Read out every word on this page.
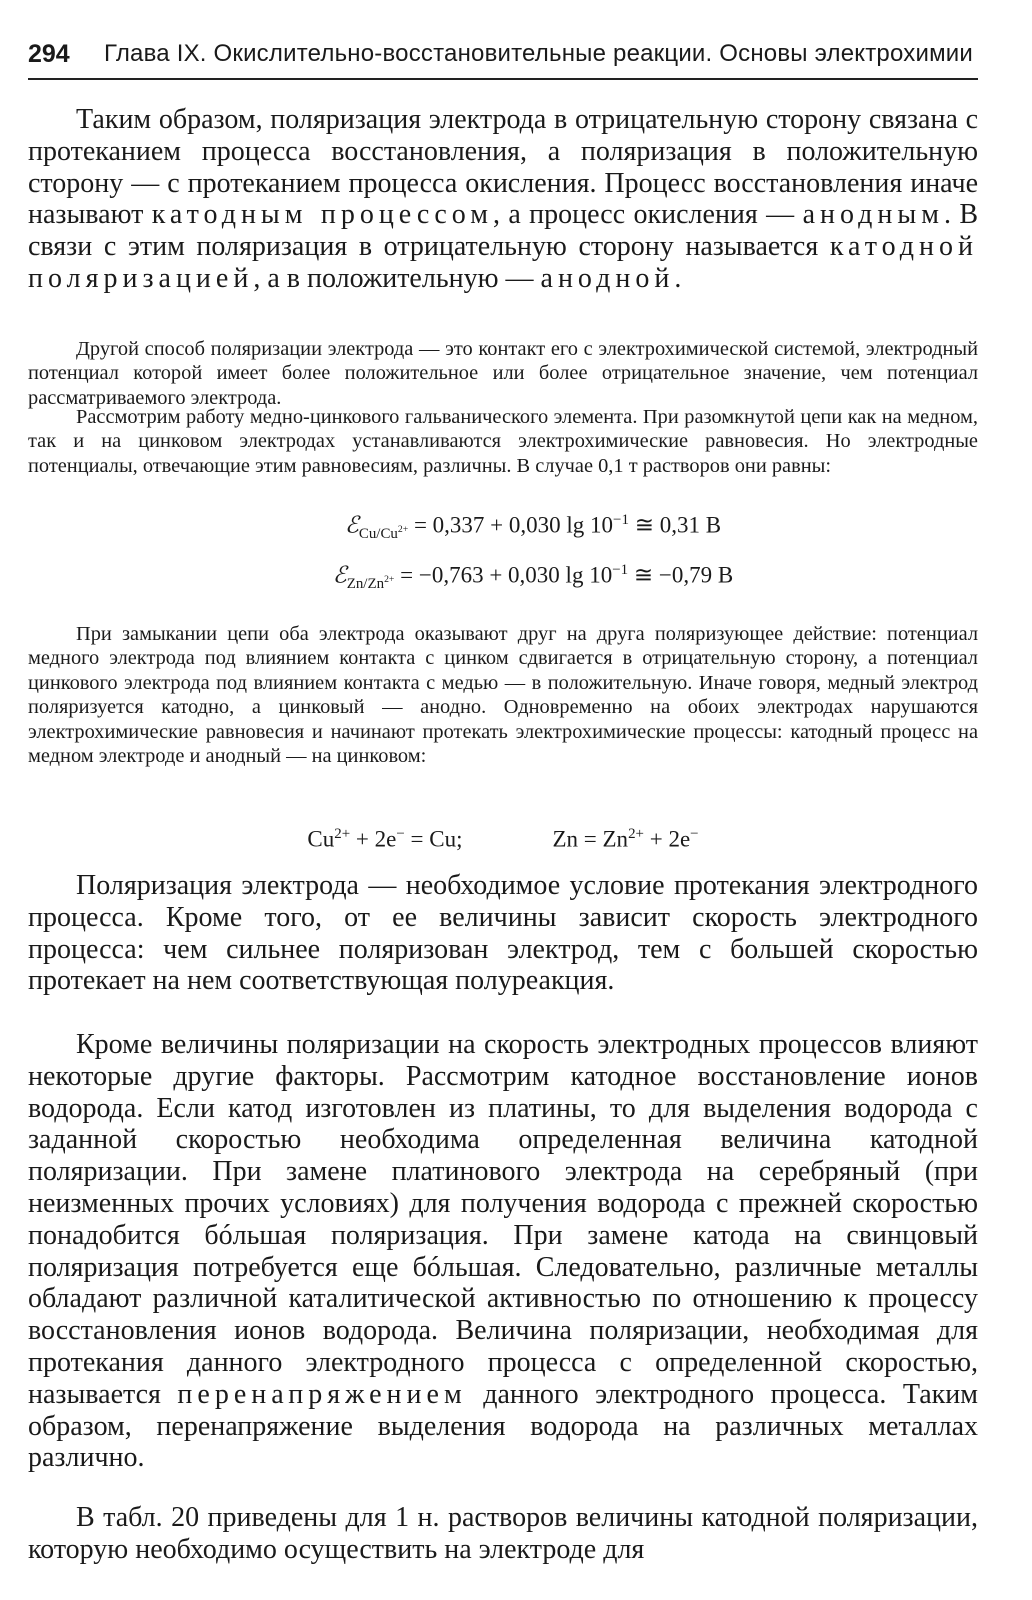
294 Глава IX. Окислительно-восстановительные реакции. Основы электрохимии

Таким образом, поляризация электрода в отрицательную сторону связана с протеканием процесса восстановления, а поляризация в положительную сторону — с протеканием процесса окисления. Процесс восстановления иначе называют катодным процессом, а процесс окисления — анодным. В связи с этим поляризация в отрицательную сторону называется катодной поляризацией, а в положительную — анодной.

Другой способ поляризации электрода — это контакт его с электрохимической системой, электродный потенциал которой имеет более положительное или более отрицательное значение, чем потенциал рассматриваемого электрода.

Рассмотрим работу медно-цинкового гальванического элемента. При разомкнутой цепи как на медном, так и на цинковом электродах устанавливаются электрохимические равновесия. Но электродные потенциалы, отвечающие этим равновесиям, различны. В случае 0,1 т растворов они равны:

ℰ$_{Cu/Cu^{2+}}$ = 0,337 + 0,030 $\lg 10^{-1}$ ≅ 0,31 В

ℰ$_{Zn/Zn^{2+}}$ = −0,763 + 0,030 $\lg 10^{-1}$ ≅ −0,79 В

При замыкании цепи оба электрода оказывают друг на друга поляризующее действие: потенциал медного электрода под влиянием контакта с цинком сдвигается в отрицательную сторону, а потенциал цинкового электрода под влиянием контакта с медью — в положительную. Иначе говоря, медный электрод поляризуется катодно, а цинковый — анодно. Одновременно на обоих электродах нарушаются электрохимические равновесия и начинают протекать электрохимические процессы: катодный процесс на медном электроде и анодный — на цинковом:

$Cu^{2+} + 2e^- = Cu$;	$Zn = Zn^{2+} + 2e^-$

Поляризация электрода — необходимое условие протекания электродного процесса. Кроме того, от ее величины зависит скорость электродного процесса: чем сильнее поляризован электрод, тем с большей скоростью протекает на нем соответствующая полуреакция.

Кроме величины поляризации на скорость электродных процессов влияют некоторые другие факторы. Рассмотрим катодное восстановление ионов водорода. Если катод изготовлен из платины, то для выделения водорода с заданной скоростью необходима определенная величина катодной поляризации. При замене платинового электрода на серебряный (при неизменных прочих условиях) для получения водорода с прежней скоростью понадобится бóльшая поляризация. При замене катода на свинцовый поляризация потребуется еще бóльшая. Следовательно, различные металлы обладают различной каталитической активностью по отношению к процессу восстановления ионов водорода. Величина поляризации, необходимая для протекания данного электродного процесса с определенной скоростью, называется перенапряжением данного электродного процесса. Таким образом, перенапряжение выделения водорода на различных металлах различно.

В табл. 20 приведены для 1 н. растворов величины катодной поляризации, которую необходимо осуществить на электроде для
